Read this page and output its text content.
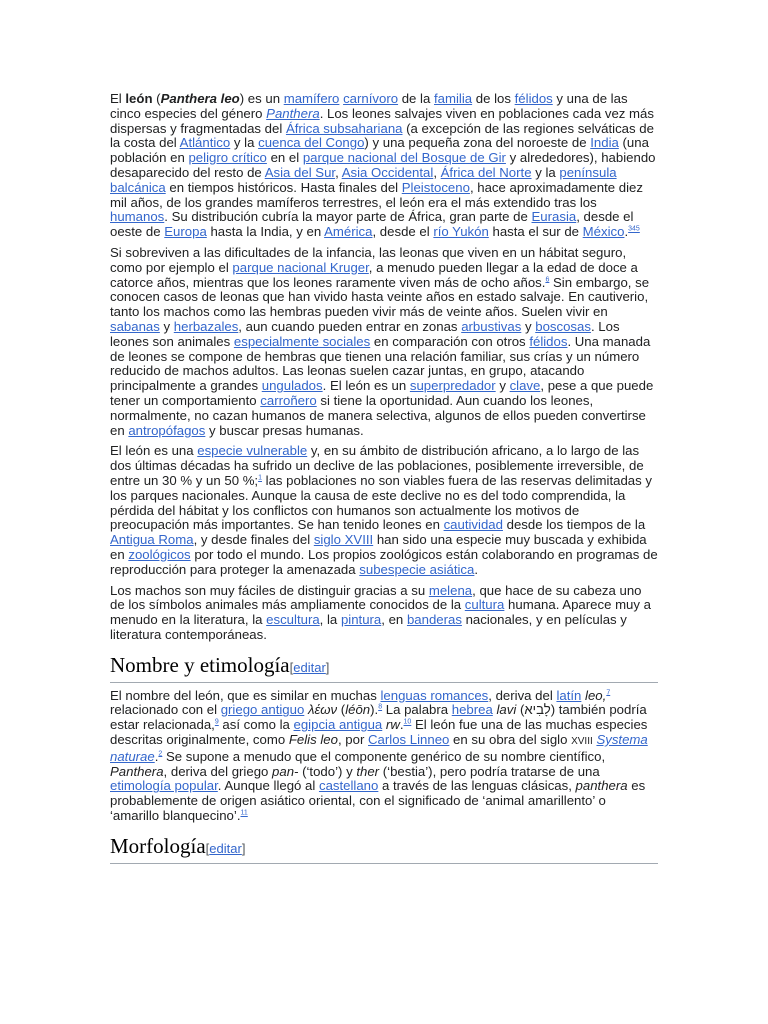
El león (Panthera leo) es un mamífero carnívoro de la familia de los félidos y una de las cinco especies del género Panthera. Los leones salvajes viven en poblaciones cada vez más dispersas y fragmentadas del África subsahariana (a excepción de las regiones selváticas de la costa del Atlántico y la cuenca del Congo) y una pequeña zona del noroeste de India (una población en peligro crítico en el parque nacional del Bosque de Gir y alrededores), habiendo desaparecido del resto de Asia del Sur, Asia Occidental, África del Norte y la península balcánica en tiempos históricos. Hasta finales del Pleistoceno, hace aproximadamente diez mil años, de los grandes mamíferos terrestres, el león era el más extendido tras los humanos. Su distribución cubría la mayor parte de África, gran parte de Eurasia, desde el oeste de Europa hasta la India, y en América, desde el río Yukón hasta el sur de México.$^{345}$

Si sobreviven a las dificultades de la infancia, las leonas que viven en un hábitat seguro, como por ejemplo el parque nacional Kruger, a menudo pueden llegar a la edad de doce a catorce años, mientras que los leones raramente viven más de ocho años.$^6$ Sin embargo, se conocen casos de leonas que han vivido hasta veinte años en estado salvaje. En cautiverio, tanto los machos como las hembras pueden vivir más de veinte años. Suelen vivir en sabanas y herbazales, aun cuando pueden entrar en zonas arbustivas y boscosas. Los leones son animales especialmente sociales en comparación con otros félidos. Una manada de leones se compone de hembras que tienen una relación familiar, sus crías y un número reducido de machos adultos. Las leonas suelen cazar juntas, en grupo, atacando principalmente a grandes ungulados. El león es un superpredador y clave, pese a que puede tener un comportamiento carroñero si tiene la oportunidad. Aun cuando los leones, normalmente, no cazan humanos de manera selectiva, algunos de ellos pueden convertirse en antropófagos y buscar presas humanas.

El león es una especie vulnerable y, en su ámbito de distribución africano, a lo largo de las dos últimas décadas ha sufrido un declive de las poblaciones, posiblemente irreversible, de entre un 30 % y un 50 %;$^1$ las poblaciones no son viables fuera de las reservas delimitadas y los parques nacionales. Aunque la causa de este declive no es del todo comprendida, la pérdida del hábitat y los conflictos con humanos son actualmente los motivos de preocupación más importantes. Se han tenido leones en cautividad desde los tiempos de la Antigua Roma, y desde finales del siglo XVIII han sido una especie muy buscada y exhibida en zoológicos por todo el mundo. Los propios zoológicos están colaborando en programas de reproducción para proteger la amenazada subespecie asiática.

Los machos son muy fáciles de distinguir gracias a su melena, que hace de su cabeza uno de los símbolos animales más ampliamente conocidos de la cultura humana. Aparece muy a menudo en la literatura, la escultura, la pintura, en banderas nacionales, y en películas y literatura contemporáneas.

Nombre y etimología[editar]

El nombre del león, que es similar en muchas lenguas romances, deriva del latín leo,$^7$ relacionado con el griego antiguo λέων (léōn).$^8$ La palabra hebrea lavi (לָבִיא) también podría estar relacionada,$^9$ así como la egipcia antigua rw.$^{10}$ El león fue una de las muchas especies descritas originalmente, como Felis leo, por Carlos Linneo en su obra del siglo XVIII Systema naturae.$^2$ Se supone a menudo que el componente genérico de su nombre científico, Panthera, deriva del griego pan- (‘todo’) y ther (‘bestia’), pero podría tratarse de una etimología popular. Aunque llegó al castellano a través de las lenguas clásicas, panthera es probablemente de origen asiático oriental, con el significado de ‘animal amarillento’ o ‘amarillo blanquecino’.$^{11}$

Morfología[editar]
